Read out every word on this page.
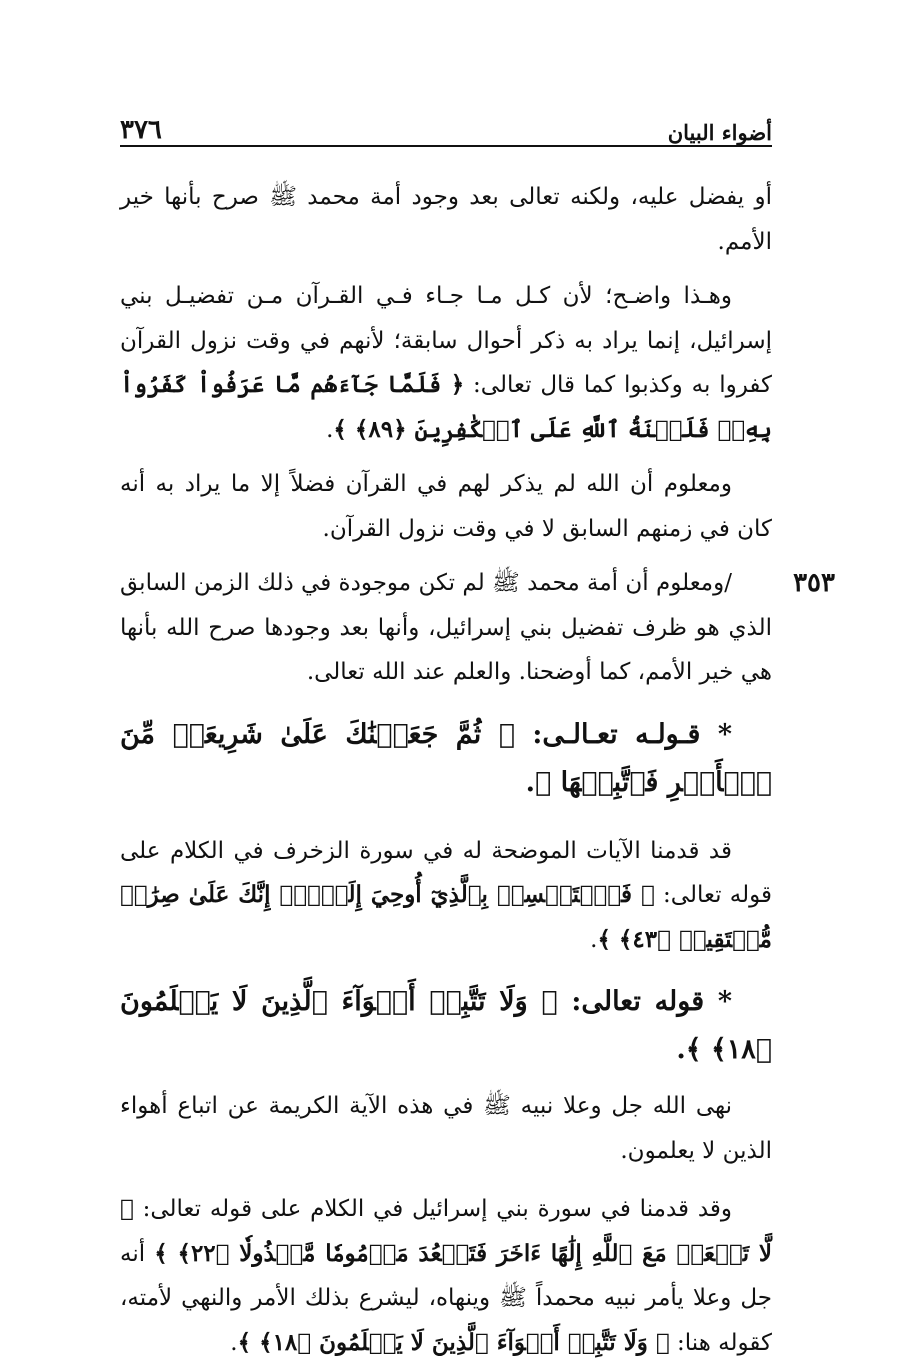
أضواء البيان
٣٧٦

أو يفضل عليه، ولكنه تعالى بعد وجود أمة محمد ﷺ صرح بأنها خير الأمم.

وهـذا واضـح؛ لأن كـل مـا جـاء فـي القـرآن مـن تفضيـل بني إسرائيل، إنما يراد به ذكر أحوال سابقة؛ لأنهم في وقت نزول القرآن كفروا به وكذبوا كما قال تعالى: ﴿ فَلَمَّا جَآءَهُم مَّا عَرَفُواْ كَفَرُواْ بِهِۦۚ فَلَعۡنَةُ ٱللَّهِ عَلَى ٱلۡكَٰفِرِينَ ﴿٨٩﴾ ﴾.

ومعلوم أن الله لم يذكر لهم في القرآن فضلاً إلا ما يراد به أنه كان في زمنهم السابق لا في وقت نزول القرآن.

٣٥٣
/ومعلوم أن أمة محمد ﷺ لم تكن موجودة في ذلك الزمن السابق الذي هو ظرف تفضيل بني إسرائيل، وأنها بعد وجودها صرح الله بأنها هي خير الأمم، كما أوضحنا. والعلم عند الله تعالى.

* قـولـه تعـالـى: ﴿ ثُمَّ جَعَلۡنَٰكَ عَلَىٰ شَرِيعَةٖ مِّنَ ٱلۡأَمۡرِ فَٱتَّبِعۡهَا ﴾.

قد قدمنا الآيات الموضحة له في سورة الزخرف في الكلام على قوله تعالى: ﴿ فَٱسۡتَمۡسِكۡ بِٱلَّذِيٓ أُوحِيَ إِلَيۡكَۖ إِنَّكَ عَلَىٰ صِرَٰطٖ مُّسۡتَقِيمٖ ﴿٤٣﴾ ﴾.

* قوله تعالى: ﴿ وَلَا تَتَّبِعۡ أَهۡوَآءَ ٱلَّذِينَ لَا يَعۡلَمُونَ ﴿١٨﴾ ﴾.

نهى الله جل وعلا نبيه ﷺ في هذه الآية الكريمة عن اتباع أهواء الذين لا يعلمون.

وقد قدمنا في سورة بني إسرائيل في الكلام على قوله تعالى: ﴿ لَّا تَجۡعَلۡ مَعَ ٱللَّهِ إِلَٰهًا ءَاخَرَ فَتَقۡعُدَ مَذۡمُومٗا مَّخۡذُولٗا ﴿٢٢﴾ ﴾ أنه جل وعلا يأمر نبيه محمداً ﷺ وينهاه، ليشرع بذلك الأمر والنهي لأمته، كقوله هنا: ﴿ وَلَا تَتَّبِعۡ أَهۡوَآءَ ٱلَّذِينَ لَا يَعۡلَمُونَ ﴿١٨﴾ ﴾.
